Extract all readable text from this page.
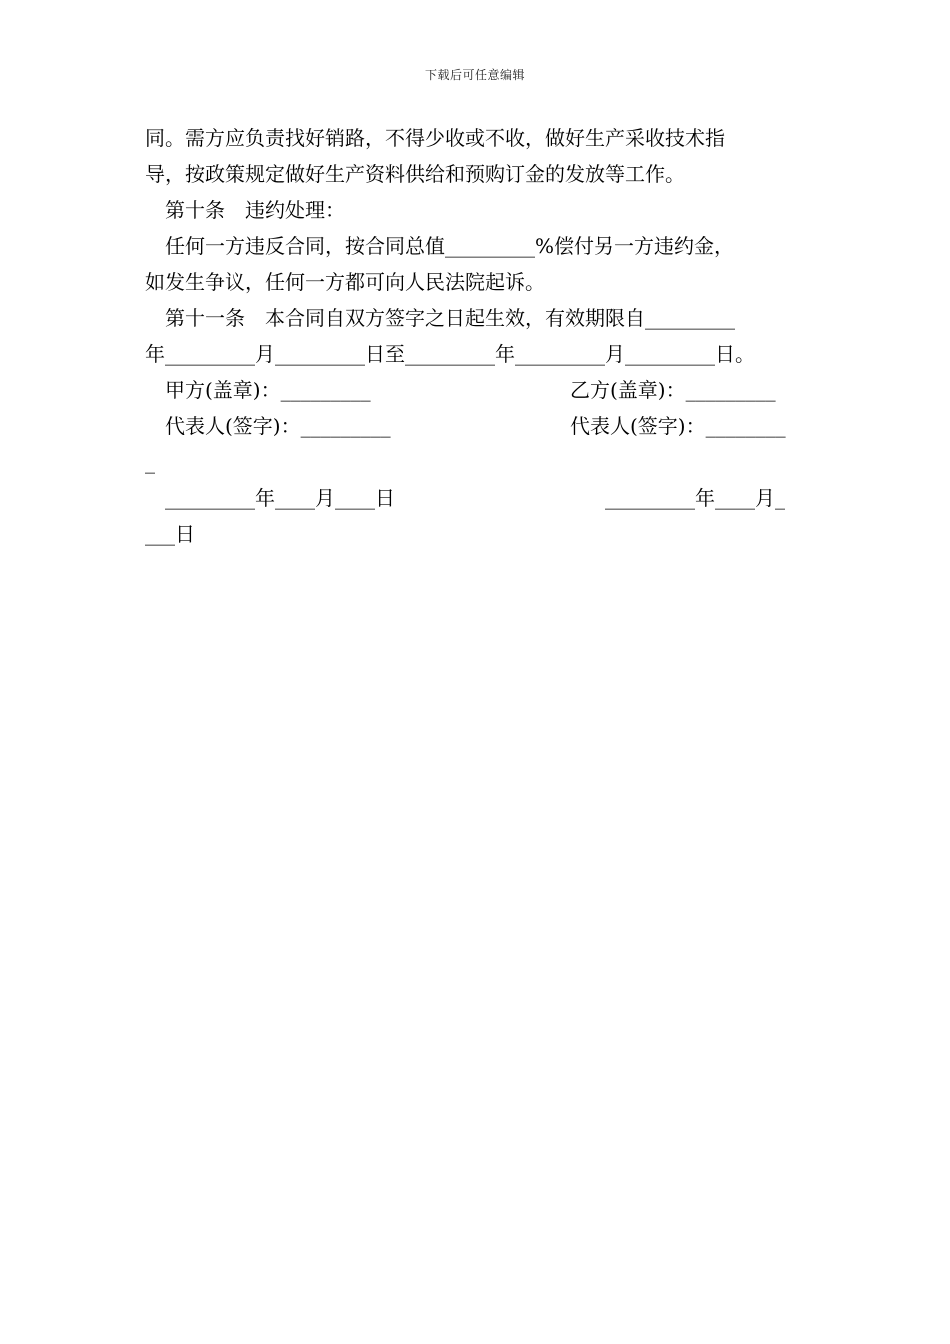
下载后可任意编辑
同。需方应负责找好销路，不得少收或不收，做好生产采收技术指
导，按政策规定做好生产资料供给和预购订金的发放等工作。
第十条　违约处理：
任何一方违反合同，按合同总值_________%偿付另一方违约金，
如发生争议，任何一方都可向人民法院起诉。
第十一条　本合同自双方签字之日起生效，有效期限自_________
年_________月_________日至_________年_________月_________日。

甲方(盖章)：_________

	乙方(盖章)：_________

代表人(签字)：_________

	代表人(签字)：________

_

_________年____月____日

	_________年____月_

___日
